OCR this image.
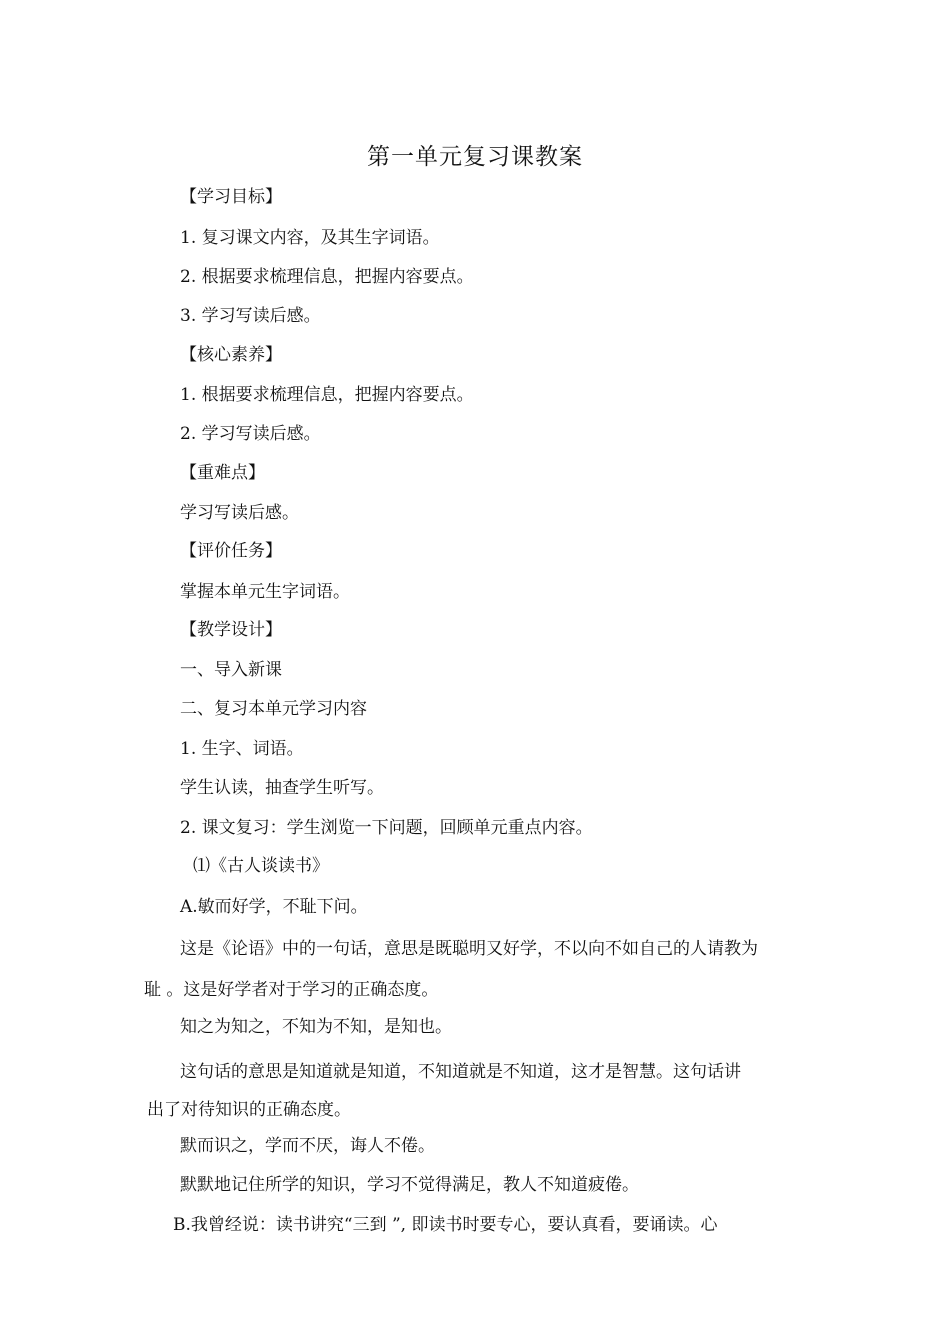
第一单元复习课教案
【学习目标】
1. 复习课文内容，及其生字词语。
2. 根据要求梳理信息，把握内容要点。
3. 学习写读后感。
【核心素养】
1. 根据要求梳理信息，把握内容要点。
2. 学习写读后感。
【重难点】
学习写读后感。
【评价任务】
掌握本单元生字词语。
【教学设计】
一、导入新课
二、复习本单元学习内容
1. 生字、词语。
学生认读，抽查学生听写。
2. 课文复习：学生浏览一下问题，回顾单元重点内容。
⑴《古人谈读书》
A.敏而好学，不耻下问。
这是《论语》中的一句话，意思是既聪明又好学，不以向不如自己的人请教为
耻 。这是好学者对于学习的正确态度。
知之为知之，不知为不知，是知也。
这句话的意思是知道就是知道，不知道就是不知道，这才是智慧。这句话讲
出了对待知识的正确态度。
默而识之，学而不厌，诲人不倦。
默默地记住所学的知识，学习不觉得满足，教人不知道疲倦。
B.我曾经说：读书讲究“三到 ”, 即读书时要专心，要认真看，要诵读。心
